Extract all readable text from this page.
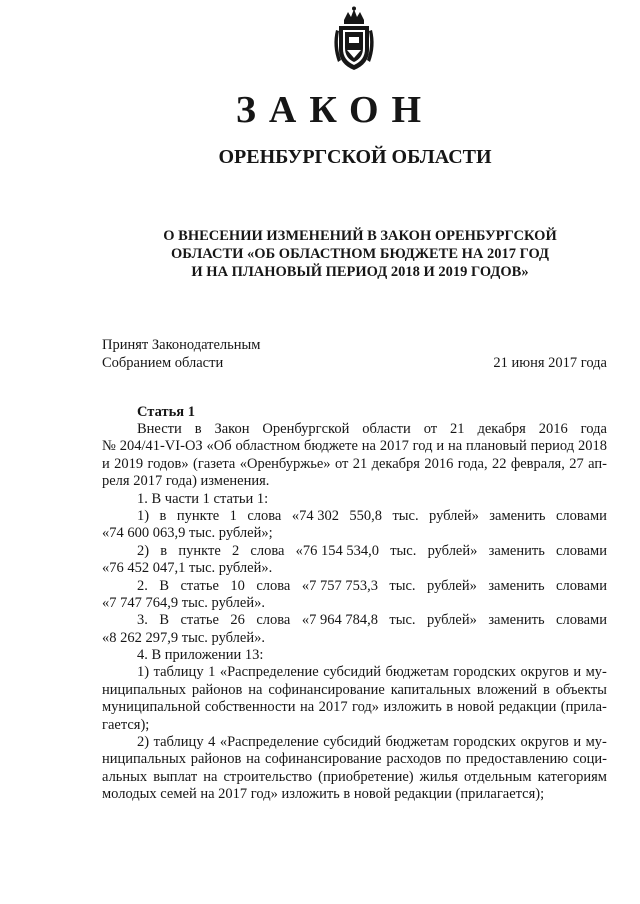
ЗАКОН
ОРЕНБУРГСКОЙ ОБЛАСТИ
О ВНЕСЕНИИ ИЗМЕНЕНИЙ В ЗАКОН ОРЕНБУРГСКОЙ
ОБЛАСТИ «ОБ ОБЛАСТНОМ БЮДЖЕТЕ НА 2017 ГОД
И НА ПЛАНОВЫЙ ПЕРИОД 2018 И 2019 ГОДОВ»
Принят Законодательным
Собранием области	21 июня 2017 года
Статья 1
Внести в Закон Оренбургской области от 21 декабря 2016 года
№ 204/41-VI-ОЗ «Об областном бюджете на 2017 год и на плановый период 2018
и 2019 годов» (газета «Оренбуржье» от 21 декабря 2016 года, 22 февраля, 27 ап-
реля 2017 года) изменения.
1. В части 1 статьи 1:
1) в пункте 1 слова «74 302 550,8 тыс. рублей» заменить словами
«74 600 063,9 тыс. рублей»;
2) в пункте 2 слова «76 154 534,0 тыс. рублей» заменить словами
«76 452 047,1 тыс. рублей».
2. В статье 10 слова «7 757 753,3 тыс. рублей» заменить словами
«7 747 764,9 тыс. рублей».
3. В статье 26 слова «7 964 784,8 тыс. рублей» заменить словами
«8 262 297,9 тыс. рублей».
4. В приложении 13:
1) таблицу 1 «Распределение субсидий бюджетам городских округов и му-
ниципальных районов на софинансирование капитальных вложений в объекты
муниципальной собственности на 2017 год» изложить в новой редакции (прила-
гается);
2) таблицу 4 «Распределение субсидий бюджетам городских округов и му-
ниципальных районов на софинансирование расходов по предоставлению соци-
альных выплат на строительство (приобретение) жилья отдельным категориям
молодых семей на 2017 год» изложить в новой редакции (прилагается);
